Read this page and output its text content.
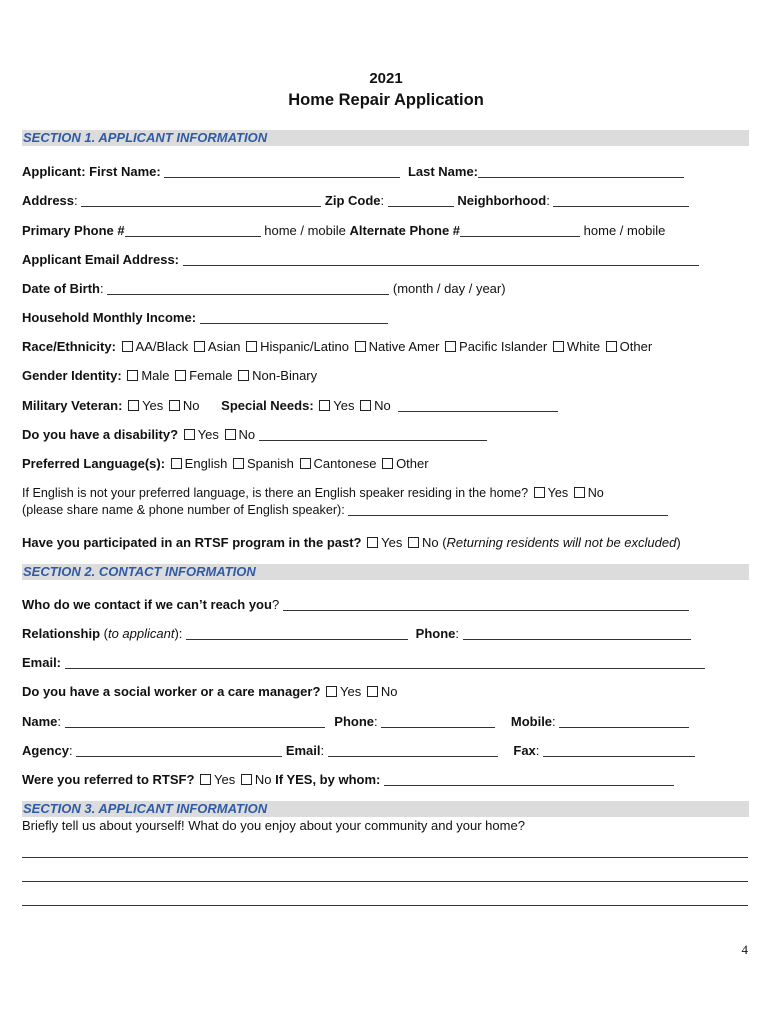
2021
Home Repair Application
SECTION 1. APPLICANT INFORMATION
Applicant: First Name:	Last Name:
Address:	Zip Code:	Neighborhood:
Primary Phone #	home / mobile Alternate Phone #	home / mobile
Applicant Email Address:
Date of Birth:	(month / day / year)
Household Monthly Income:
Race/Ethnicity: AA/Black Asian Hispanic/Latino Native Amer Pacific Islander White Other
Gender Identity: Male Female Non-Binary
Military Veteran: Yes No Special Needs: Yes No
Do you have a disability? Yes No
Preferred Language(s): English Spanish Cantonese Other
If English is not your preferred language, is there an English speaker residing in the home? Yes No
(please share name & phone number of English speaker):
Have you participated in an RTSF program in the past? Yes No (Returning residents will not be excluded)
SECTION 2. CONTACT INFORMATION
Who do we contact if we can’t reach you?
Relationship (to applicant):	Phone:
Email:
Do you have a social worker or a care manager? Yes No
Name:	Phone:	Mobile:
Agency:	Email:	Fax:
Were you referred to RTSF? Yes No If YES, by whom:
SECTION 3. APPLICANT INFORMATION
Briefly tell us about yourself! What do you enjoy about your community and your home?
4
